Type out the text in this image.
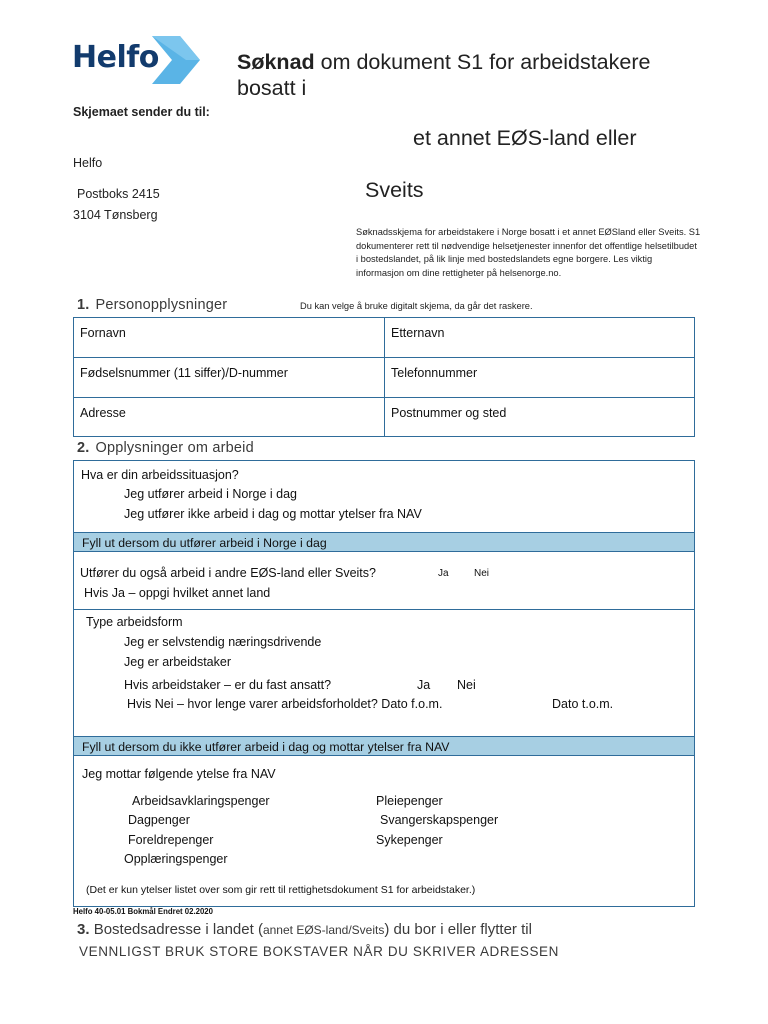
Helfo	Søknad om dokument S1 for arbeidstakere
bosatt i
et annet EØS-land eller
Sveits
Skjemaet sender du til:
Helfo
Postboks 2415
3104 Tønsberg
Søknadsskjema for arbeidstakere i Norge bosatt i et annet EØSland eller Sveits. S1 dokumenterer rett til nødvendige helsetjenester innenfor det offentlige helsetilbudet i bostedslandet, på lik linje med bostedslandets egne borgere. Les viktig informasjon om dine rettigheter på helsenorge.no.
1. Personopplysninger	Du kan velge å bruke digitalt skjema, da går det raskere.
Fornavn	Etternavn
Fødselsnummer (11 siffer)/D-nummer	Telefonnummer
Adresse	Postnummer og sted
2. Opplysninger om arbeid
Hva er din arbeidssituasjon?
Jeg utfører arbeid i Norge i dag
Jeg utfører ikke arbeid i dag og mottar ytelser fra NAV
Fyll ut dersom du utfører arbeid i Norge i dag
Utfører du også arbeid i andre EØS-land eller Sveits?	Ja	Nei
Hvis Ja – oppgi hvilket annet land
Type arbeidsform
Jeg er selvstendig næringsdrivende
Jeg er arbeidstaker
Hvis arbeidstaker – er du fast ansatt?	Ja Nei
Hvis Nei – hvor lenge varer arbeidsforholdet? Dato f.o.m.	Dato t.o.m.
Fyll ut dersom du ikke utfører arbeid i dag og mottar ytelser fra NAV
Jeg mottar følgende ytelse fra NAV
Arbeidsavklaringspenger
Dagpenger
Foreldrepenger
Opplæringspenger
Pleiepenger
Svangerskapspenger
Sykepenger
(Det er kun ytelser listet over som gir rett til rettighetsdokument S1 for arbeidstaker.)
Helfo 40-05.01 Bokmål Endret 02.2020
3. Bostedsadresse i landet (annet EØS-land/Sveits) du bor i eller flytter til
VENNLIGST BRUK STORE BOKSTAVER NÅR DU SKRIVER ADRESSEN
